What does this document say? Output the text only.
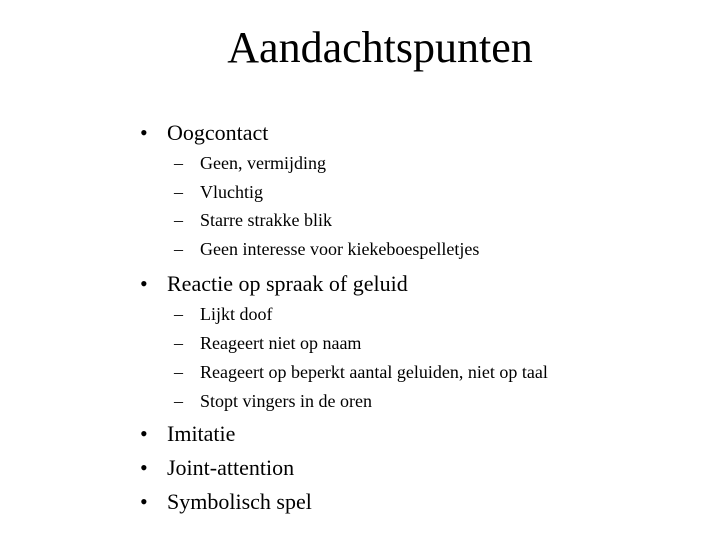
Aandachtspunten
• Oogcontact
– Geen, vermijding
– Vluchtig
– Starre strakke blik
– Geen interesse voor kiekeboespelletjes
• Reactie op spraak of geluid
– Lijkt doof
– Reageert niet op naam
– Reageert op beperkt aantal geluiden, niet op taal
– Stopt vingers in de oren
• Imitatie
• Joint-attention
• Symbolisch spel
